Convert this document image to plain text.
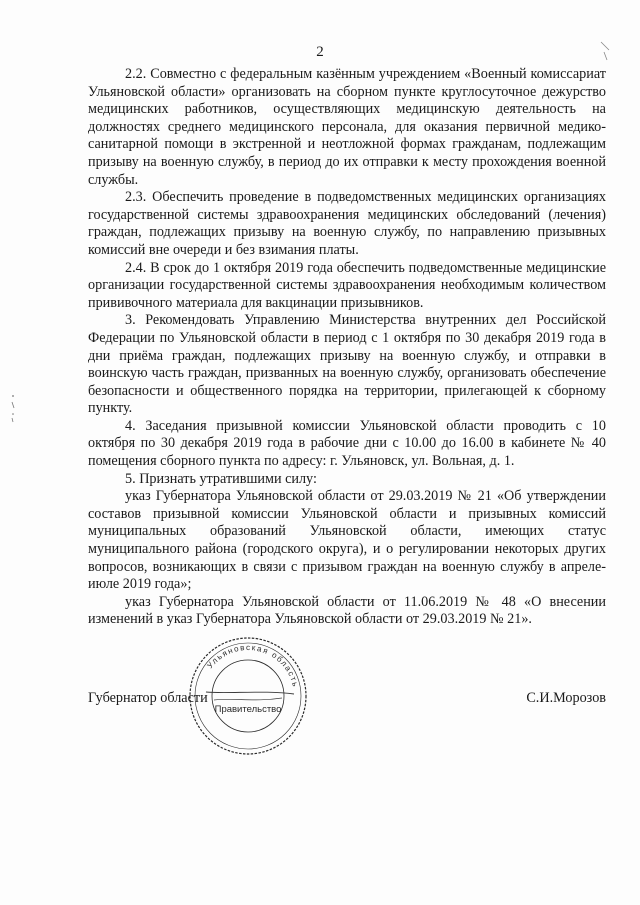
2

2.2. Совместно с федеральным казённым учреждением «Военный комиссариат Ульяновской области» организовать на сборном пункте круглосуточное дежурство медицинских работников, осуществляющих медицинскую деятельность на должностях среднего медицинского персонала, для оказания первичной медико-санитарной помощи в экстренной и неотложной формах гражданам, подлежащим призыву на военную службу, в период до их отправки к месту прохождения военной службы.

2.3. Обеспечить проведение в подведомственных медицинских организациях государственной системы здравоохранения медицинских обследований (лечения) граждан, подлежащих призыву на военную службу, по направлению призывных комиссий вне очереди и без взимания платы.

2.4. В срок до 1 октября 2019 года обеспечить подведомственные медицинские организации государственной системы здравоохранения необходимым количеством прививочного материала для вакцинации призывников.

3. Рекомендовать Управлению Министерства внутренних дел Российской Федерации по Ульяновской области в период с 1 октября по 30 декабря 2019 года в дни приёма граждан, подлежащих призыву на военную службу, и отправки в воинскую часть граждан, призванных на военную службу, организовать обеспечение безопасности и общественного порядка на территории, прилегающей к сборному пункту.

4. Заседания призывной комиссии Ульяновской области проводить с 10 октября по 30 декабря 2019 года в рабочие дни с 10.00 до 16.00 в кабинете № 40 помещения сборного пункта по адресу: г. Ульяновск, ул. Вольная, д. 1.

5. Признать утратившими силу:

указ Губернатора Ульяновской области от 29.03.2019 № 21 «Об утверждении составов призывной комиссии Ульяновской области и призывных комиссий муниципальных образований Ульяновской области, имеющих статус муниципального района (городского округа), и о регулировании некоторых других вопросов, возникающих в связи с призывом граждан на военную службу в апреле-июле 2019 года»;

указ Губернатора Ульяновской области от 11.06.2019 № 48 «О внесении изменений в указ Губернатора Ульяновской области от 29.03.2019 № 21».

Губернатор области	С.И.Морозов
Ульяновская область
Правительство
